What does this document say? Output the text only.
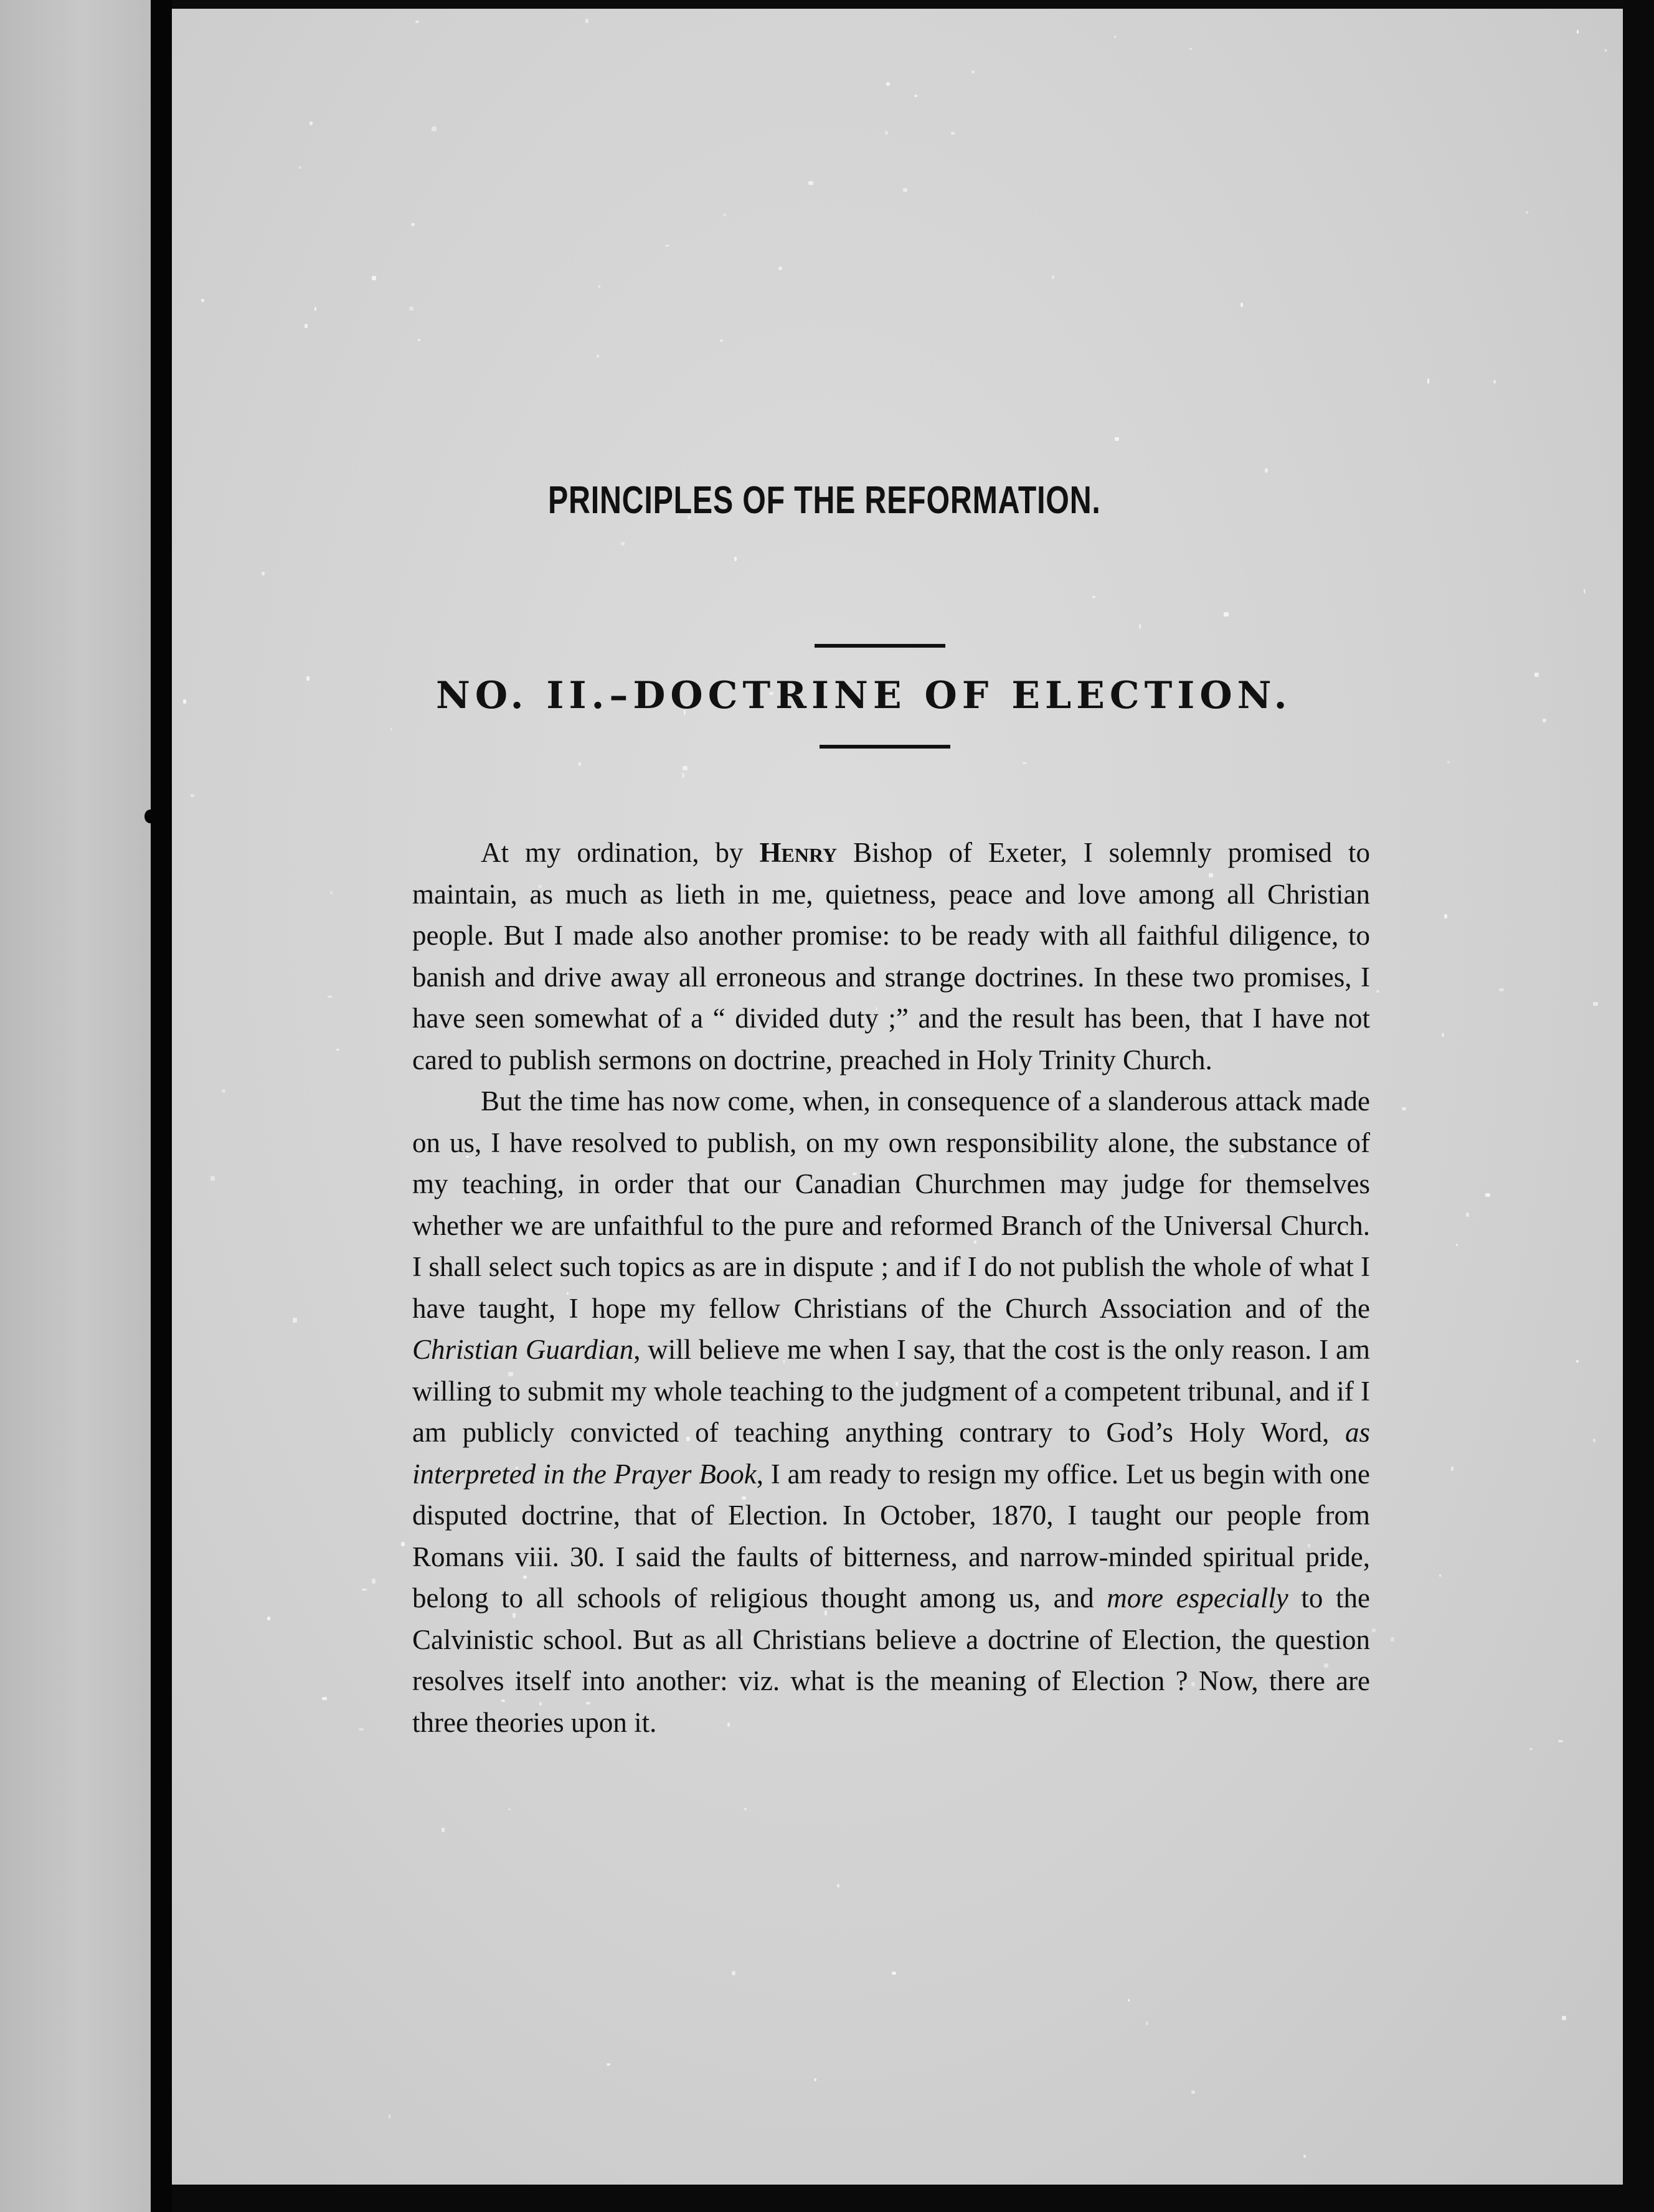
PRINCIPLES OF THE REFORMATION.
NO. II.–DOCTRINE OF ELECTION.

At my ordination, by Henry Bishop of Exeter, I solemnly promised to maintain, as much as lieth in me, quietness, peace and love among all Christian people. But I made also another promise: to be ready with all faithful diligence, to banish and drive away all erroneous and strange doctrines. In these two promises, I have seen somewhat of a “ divided duty ;” and the result has been, that I have not cared to publish sermons on doctrine, preached in Holy Trinity Church.

But the time has now come, when, in consequence of a slanderous attack made on us, I have resolved to publish, on my own responsibility alone, the substance of my teaching, in order that our Canadian Churchmen may judge for themselves whether we are unfaithful to the pure and reformed Branch of the Universal Church. I shall select such topics as are in dispute ; and if I do not publish the whole of what I have taught, I hope my fellow Christians of the Church Association and of the Christian Guardian, will believe me when I say, that the cost is the only reason. I am willing to submit my whole teaching to the judgment of a competent tribunal, and if I am publicly convicted of teaching anything contrary to God’s Holy Word, as interpreted in the Prayer Book, I am ready to resign my office. Let us begin with one disputed doctrine, that of Election. In October, 1870, I taught our people from Romans viii. 30. I said the faults of bitterness, and narrow-minded spiritual pride, belong to all schools of religious thought among us, and more especially to the Calvinistic school. But as all Christians believe a doctrine of Election, the question resolves itself into another: viz. what is the meaning of Election ? Now, there are three theories upon it.
